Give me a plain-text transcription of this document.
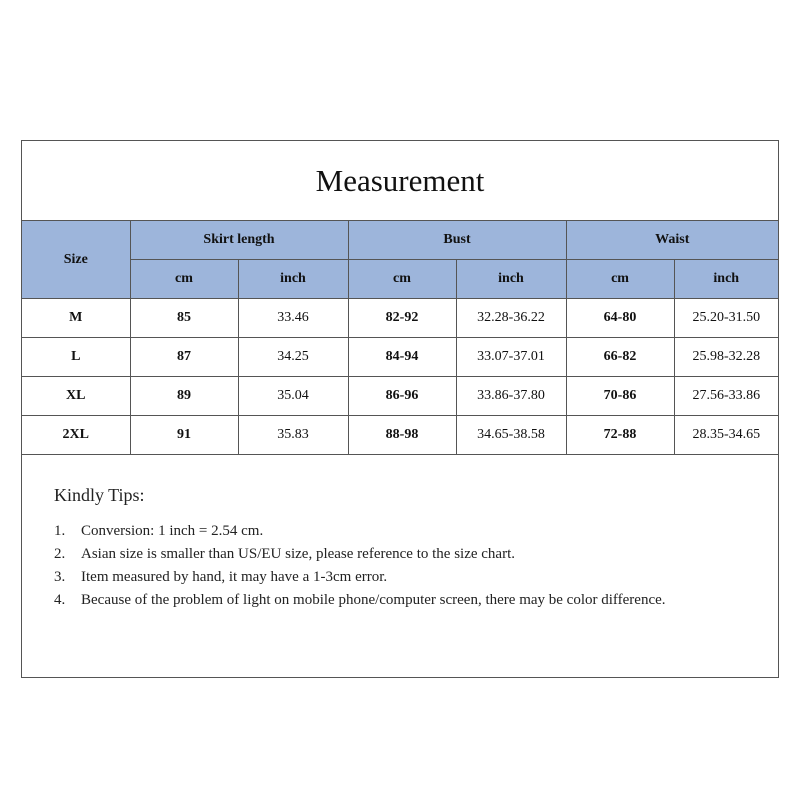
Measurement
Size	Skirt length		Bust		Waist	
	cm	inch	cm	inch	cm	inch
M	85	33.46	82-92	32.28-36.22	64-80	25.20-31.50
L	87	34.25	84-94	33.07-37.01	66-82	25.98-32.28
XL	89	35.04	86-96	33.86-37.80	70-86	27.56-33.86
2XL	91	35.83	88-98	34.65-38.58	72-88	28.35-34.65
Kindly Tips:
1.	Conversion: 1 inch = 2.54 cm.
2.	Asian size is smaller than US/EU size, please reference to the size chart.
3.	Item measured by hand, it may have a 1-3cm error.
4.	Because of the problem of light on mobile phone/computer screen, there may be color difference.
